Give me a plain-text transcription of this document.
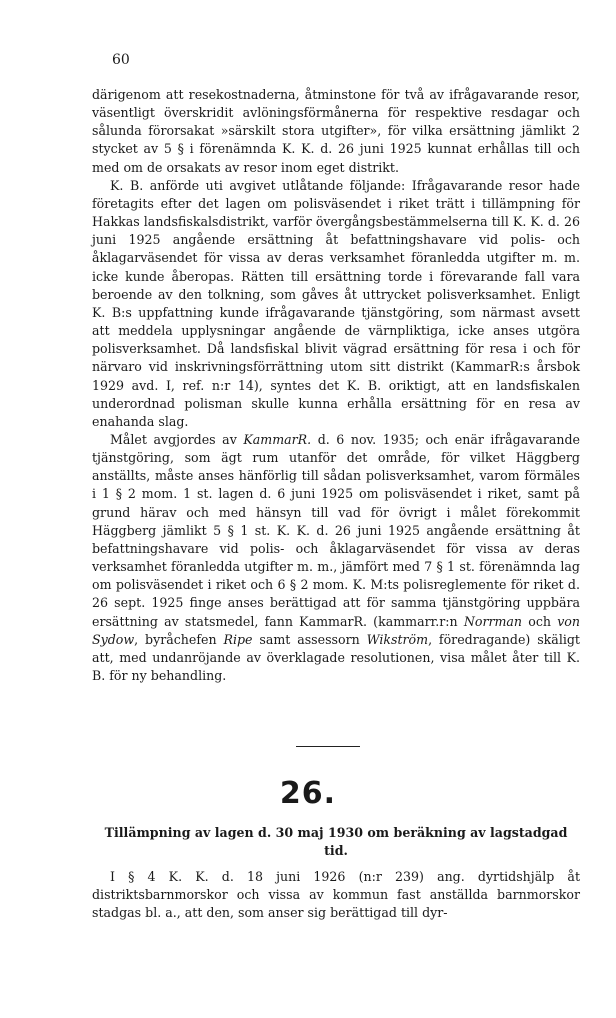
60

därigenom att resekostnaderna, åtminstone för två av ifrågavarande resor, väsentligt överskridit avlöningsförmånerna för respektive resdagar och sålunda förorsakat »särskilt stora utgifter», för vilka ersättning jämlikt 2 stycket av 5 § i förenämnda K. K. d. 26 juni 1925 kunnat erhållas till och med om de orsakats av resor inom eget distrikt.

K. B. anförde uti avgivet utlåtande följande: Ifrågavarande resor hade företagits efter det lagen om polisväsendet i riket trätt i tillämpning för Hakkas landsfiskalsdistrikt, varför övergångsbestämmelserna till K. K. d. 26 juni 1925 angående ersättning åt befattningshavare vid polis- och åklagarväsendet för vissa av deras verksamhet föranledda utgifter m. m. icke kunde åberopas. Rätten till ersättning torde i förevarande fall vara beroende av den tolkning, som gåves åt uttrycket polisverksamhet. Enligt K. B:s uppfattning kunde ifrågavarande tjänstgöring, som närmast avsett att meddela upplysningar angående de värnpliktiga, icke anses utgöra polisverksamhet. Då landsfiskal blivit vägrad ersättning för resa i och för närvaro vid inskrivningsförrättning utom sitt distrikt (KammarR:s årsbok 1929 avd. I, ref. n:r 14), syntes det K. B. oriktigt, att en landsfiskalen underordnad polisman skulle kunna erhålla ersättning för en resa av enahanda slag.

Målet avgjordes av KammarR. d. 6 nov. 1935; och enär ifrågavarande tjänstgöring, som ägt rum utanför det område, för vilket Häggberg anställts, måste anses hänförlig till sådan polisverksamhet, varom förmäles i 1 § 2 mom. 1 st. lagen d. 6 juni 1925 om polisväsendet i riket, samt på grund härav och med hänsyn till vad för övrigt i målet förekommit Häggberg jämlikt 5 § 1 st. K. K. d. 26 juni 1925 angående ersättning åt befattningshavare vid polis- och åklagarväsendet för vissa av deras verksamhet föranledda utgifter m. m., jämfört med 7 § 1 st. förenämnda lag om polisväsendet i riket och 6 § 2 mom. K. M:ts polisreglemente för riket d. 26 sept. 1925 finge anses berättigad att för samma tjänstgöring uppbära ersättning av statsmedel, fann KammarR. (kammarr.r:n Norrman och von Sydow, byråchefen Ripe samt assessorn Wikström, föredragande) skäligt att, med undanröjande av överklagade resolutionen, visa målet åter till K. B. för ny behandling.

26.
Tillämpning av lagen d. 30 maj 1930 om beräkning av lagstadgad tid.

I § 4 K. K. d. 18 juni 1926 (n:r 239) ang. dyrtidshjälp åt distriktsbarnmorskor och vissa av kommun fast anställda barnmorskor stadgas bl. a., att den, som anser sig berättigad till dyr-
